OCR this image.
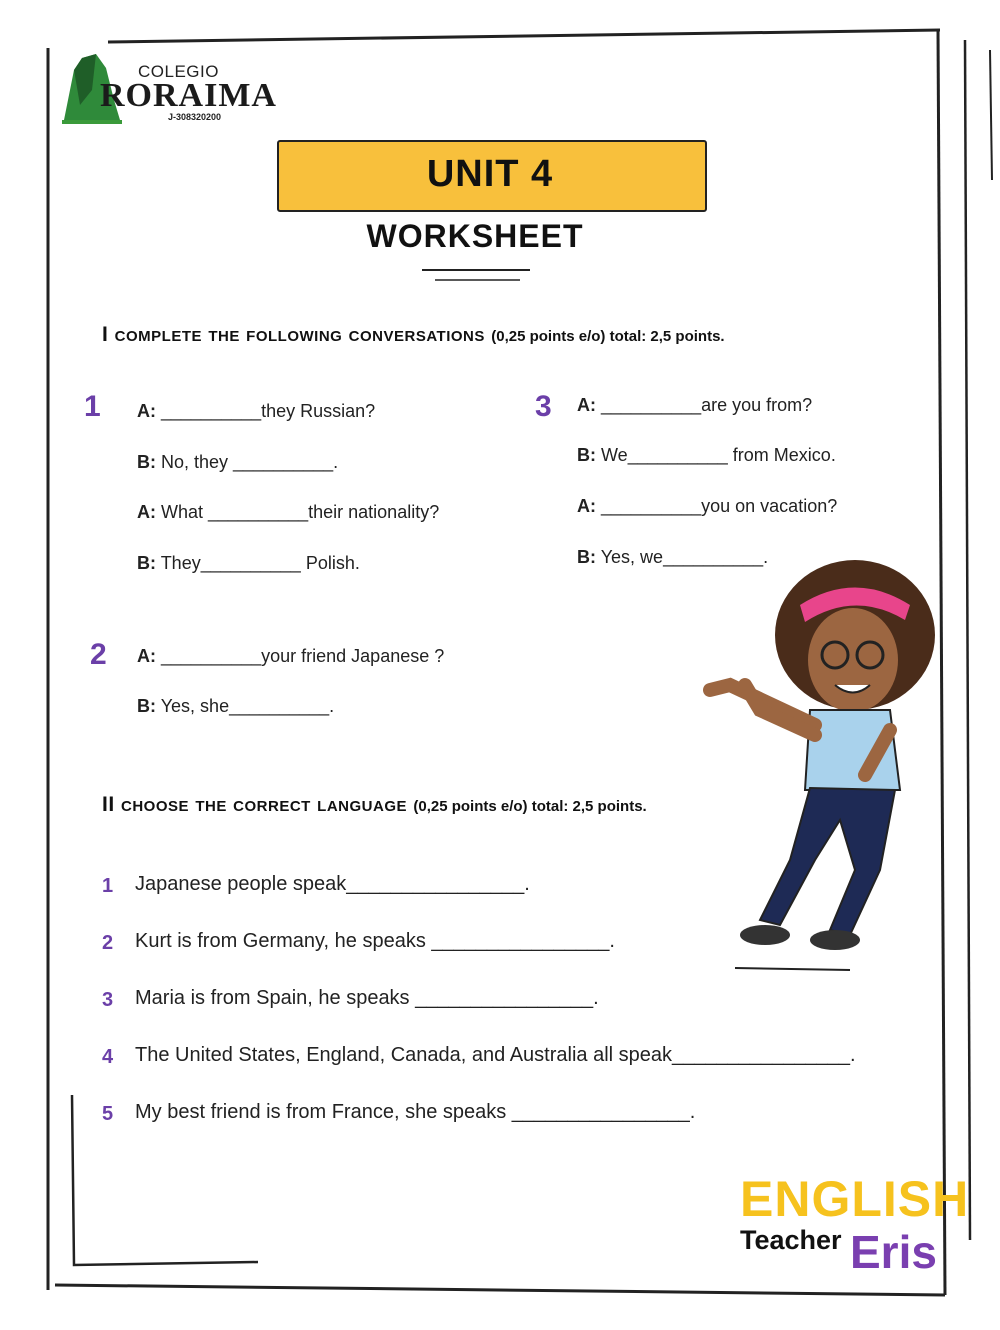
COLEGIO
RORAIMA
J-308320200
UNIT 4
WORKSHEET
I complete the following conversations (0,25 points e/o) total: 2,5 points.
1 A: __________they Russian?
B: No, they __________.
A: What __________their nationality?
B: They__________ Polish.
2 A: __________your friend Japanese ?
B: Yes, she__________.
3 A: __________are you from?
B: We__________ from Mexico.
A: __________you on vacation?
B: Yes, we__________.
II choose the correct language (0,25 points e/o) total: 2,5 points.
1 Japanese people speak________________.
2 Kurt is from Germany, he speaks ________________.
3 Maria is from Spain, he speaks ________________.
4 The United States, England, Canada, and Australia all speak________________.
5 My best friend is from France, she speaks ________________.
ENGLISH
Teacher Eris
